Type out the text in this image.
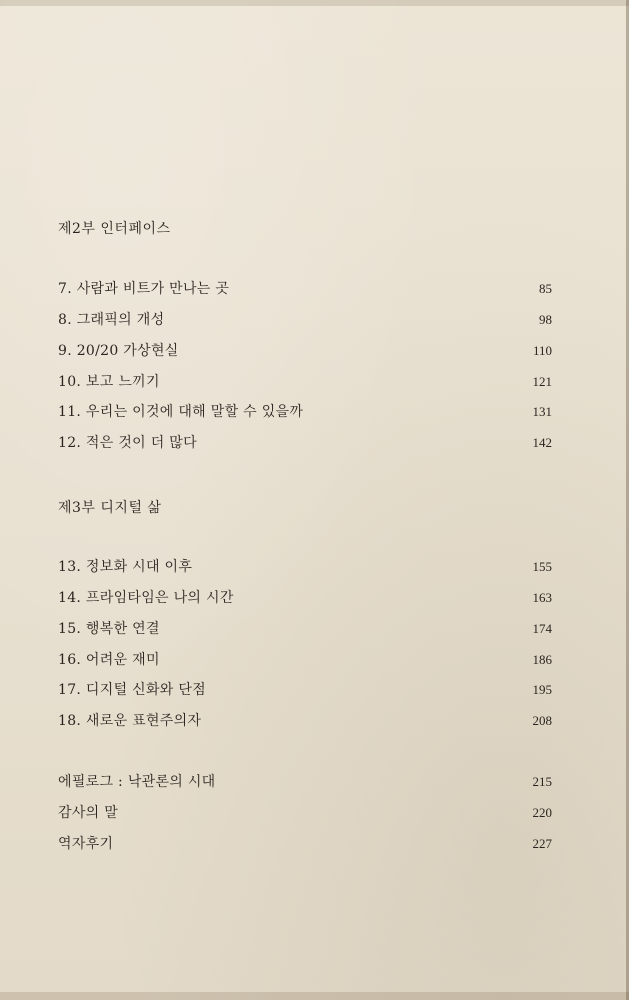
제2부 인터페이스
7. 사람과 비트가 만나는 곳	85
8. 그래픽의 개성	98
9. 20/20 가상현실	110
10. 보고 느끼기	121
11. 우리는 이것에 대해 말할 수 있을까	131
12. 적은 것이 더 많다	142
제3부 디지털 삶
13. 정보화 시대 이후	155
14. 프라임타임은 나의 시간	163
15. 행복한 연결	174
16. 어려운 재미	186
17. 디지털 신화와 단점	195
18. 새로운 표현주의자	208
에필로그 : 낙관론의 시대	215
감사의 말	220
역자후기	227
